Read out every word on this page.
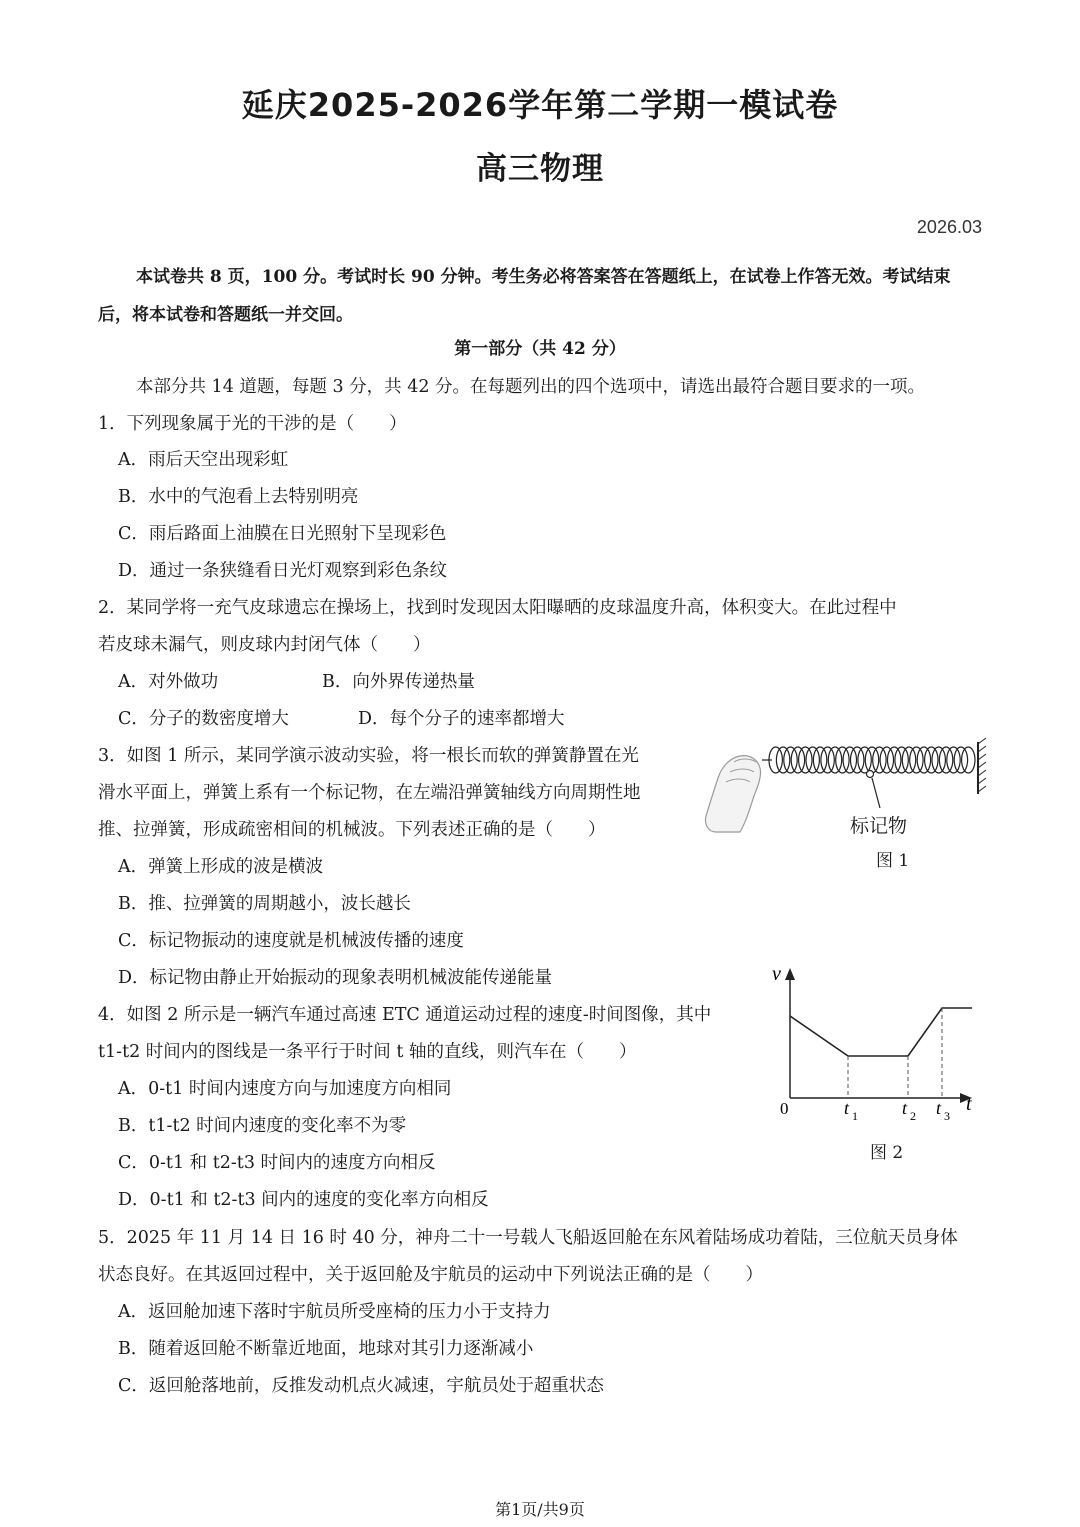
延庆2025-2026学年第二学期一模试卷
高三物理
2026.03
本试卷共 8 页，100 分。考试时长 90 分钟。考生务必将答案答在答题纸上，在试卷上作答无效。考试结束后，将本试卷和答题纸一并交回。
第一部分（共 42 分）
本部分共 14 道题，每题 3 分，共 42 分。在每题列出的四个选项中，请选出最符合题目要求的一项。
1．下列现象属于光的干涉的是（　　）
A．雨后天空出现彩虹
B．水中的气泡看上去特别明亮
C．雨后路面上油膜在日光照射下呈现彩色
D．通过一条狭缝看日光灯观察到彩色条纹
2．某同学将一充气皮球遗忘在操场上，找到时发现因太阳曝晒的皮球温度升高，体积变大。在此过程中
若皮球未漏气，则皮球内封闭气体（　　）
A．对外做功	B．向外界传递热量
C．分子的数密度增大	D．每个分子的速率都增大
3．如图 1 所示，某同学演示波动实验，将一根长而软的弹簧静置在光
滑水平面上，弹簧上系有一个标记物，在左端沿弹簧轴线方向周期性地
推、拉弹簧，形成疏密相间的机械波。下列表述正确的是（　　）
A．弹簧上形成的波是横波
B．推、拉弹簧的周期越小，波长越长
C．标记物振动的速度就是机械波传播的速度
D．标记物由静止开始振动的现象表明机械波能传递能量
标记物
图 1
4．如图 2 所示是一辆汽车通过高速 ETC 通道运动过程的速度-时间图像，其中
t1-t2 时间内的图线是一条平行于时间 t 轴的直线，则汽车在（　　）
A．0-t1 时间内速度方向与加速度方向相同
B．t1-t2 时间内速度的变化率不为零
C．0-t1 和 t2-t3 时间内的速度方向相反
D．0-t1 和 t2-t3 间内的速度的变化率方向相反
v
t
0	t 1 t 2 t 3
图 2
5．2025 年 11 月 14 日 16 时 40 分，神舟二十一号载人飞船返回舱在东风着陆场成功着陆，三位航天员身体
状态良好。在其返回过程中，关于返回舱及宇航员的运动中下列说法正确的是（　　）
A．返回舱加速下落时宇航员所受座椅的压力小于支持力
B．随着返回舱不断靠近地面，地球对其引力逐渐减小
C．返回舱落地前，反推发动机点火减速，宇航员处于超重状态
第1页/共9页
